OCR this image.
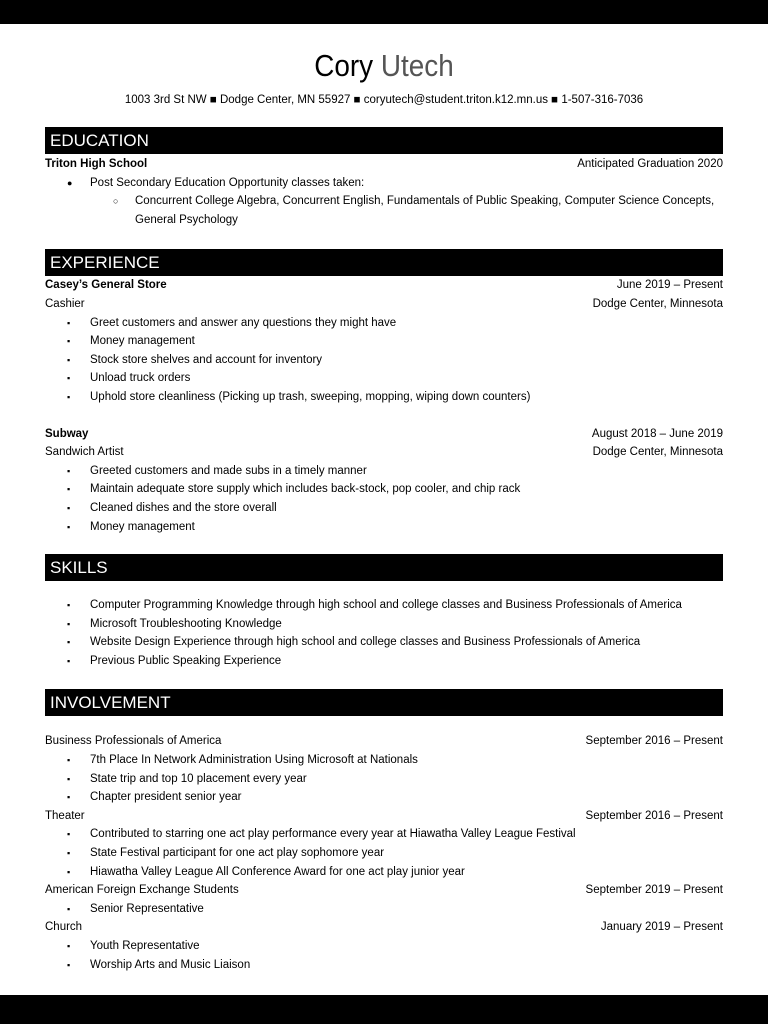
Cory Utech
1003 3rd St NW ■ Dodge Center, MN 55927 ■ coryutech@student.triton.k12.mn.us ■ 1-507-316-7036
EDUCATION
Triton High School	Anticipated Graduation 2020
● Post Secondary Education Opportunity classes taken:
○ Concurrent College Algebra, Concurrent English, Fundamentals of Public Speaking, Computer Science Concepts, General Psychology
EXPERIENCE
Casey’s General Store	June 2019 – Present
Cashier	Dodge Center, Minnesota
▪ Greet customers and answer any questions they might have
▪ Money management
▪ Stock store shelves and account for inventory
▪ Unload truck orders
▪ Uphold store cleanliness (Picking up trash, sweeping, mopping, wiping down counters)
Subway	August 2018 – June 2019
Sandwich Artist	Dodge Center, Minnesota
▪ Greeted customers and made subs in a timely manner
▪ Maintain adequate store supply which includes back-stock, pop cooler, and chip rack
▪ Cleaned dishes and the store overall
▪ Money management
SKILLS
▪ Computer Programming Knowledge through high school and college classes and Business Professionals of America
▪ Microsoft Troubleshooting Knowledge
▪ Website Design Experience through high school and college classes and Business Professionals of America
▪ Previous Public Speaking Experience
INVOLVEMENT
Business Professionals of America	September 2016 – Present
▪ 7th Place In Network Administration Using Microsoft at Nationals
▪ State trip and top 10 placement every year
▪ Chapter president senior year
Theater	September 2016 – Present
▪ Contributed to starring one act play performance every year at Hiawatha Valley League Festival
▪ State Festival participant for one act play sophomore year
▪ Hiawatha Valley League All Conference Award for one act play junior year
American Foreign Exchange Students	September 2019 – Present
▪ Senior Representative
Church	January 2019 – Present
▪ Youth Representative
▪ Worship Arts and Music Liaison
